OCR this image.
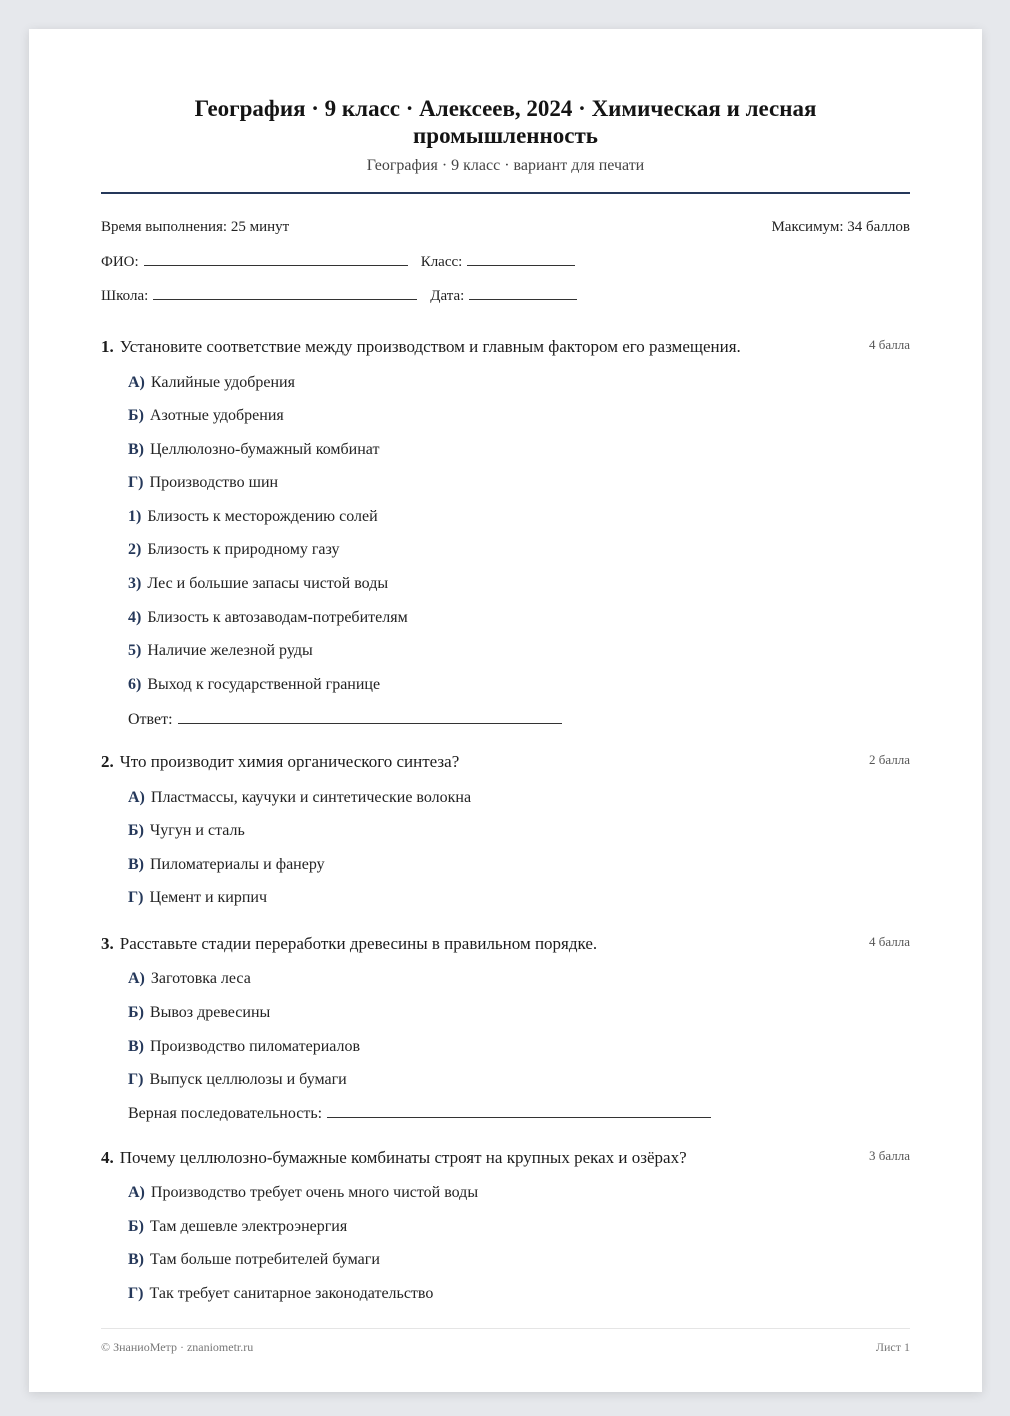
География · 9 класс · Алексеев, 2024 · Химическая и лесная промышленность
География · 9 класс · вариант для печати
Время выполнения: 25 минут	Максимум: 34 баллов
ФИО:	Класс:
Школа:	Дата:
1. Установите соответствие между производством и главным фактором его размещения.	4 балла
А) Калийные удобрения
Б) Азотные удобрения
В) Целлюлозно-бумажный комбинат
Г) Производство шин
1) Близость к месторождению солей
2) Близость к природному газу
3) Лес и большие запасы чистой воды
4) Близость к автозаводам-потребителям
5) Наличие железной руды
6) Выход к государственной границе
Ответ:
2. Что производит химия органического синтеза?	2 балла
А) Пластмассы, каучуки и синтетические волокна
Б) Чугун и сталь
В) Пиломатериалы и фанеру
Г) Цемент и кирпич
3. Расставьте стадии переработки древесины в правильном порядке.	4 балла
А) Заготовка леса
Б) Вывоз древесины
В) Производство пиломатериалов
Г) Выпуск целлюлозы и бумаги
Верная последовательность:
4. Почему целлюлозно-бумажные комбинаты строят на крупных реках и озёрах?	3 балла
А) Производство требует очень много чистой воды
Б) Там дешевле электроэнергия
В) Там больше потребителей бумаги
Г) Так требует санитарное законодательство
© ЗнаниоМетр · znaniometr.ru	Лист 1
